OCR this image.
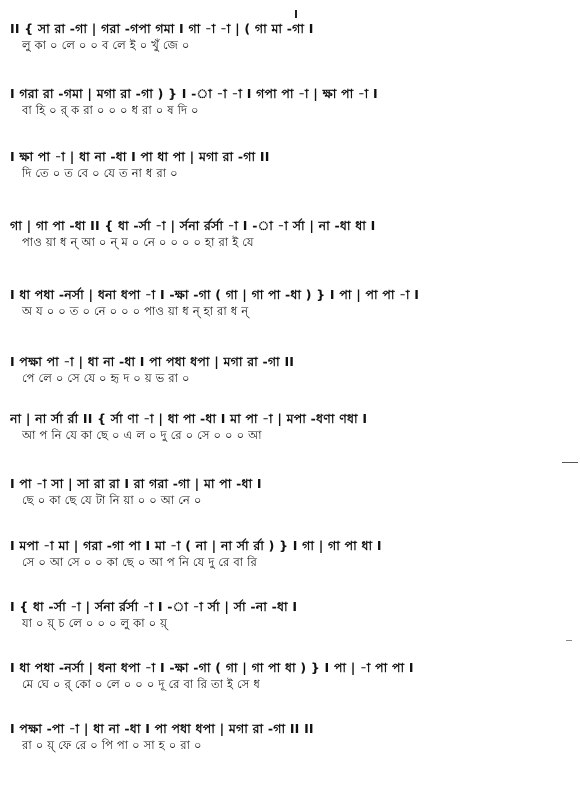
II { সা রা -গা | গরা -গপা গমা I গা -া -া | ( গা মা -গা I
লু কা ০ লে ০ ০ ব লে ই ০ খুঁ জে ০
I গরা রা -গমা | মগা রা -গা ) } I -া -া -া I গপা পা -া | ক্ষা পা -া I
বা হি ০ র্ ক রা ০ ০ ০ ধ রা ০ ষ দি ০
I ক্ষা পা -া | ধা না -ধা I পা ধা পা | মগা রা -গা II
দি তে ০ ত বে ০ যে ত না ধ রা ০
গা | গা পা -ধা II { ধা -র্সা -া | র্সনা র্রর্সা -া I -া -া র্সা | না -ধা ধা I
পাও য়া ধ ন্ আ ০ ন্ ম ০ নে ০ ০ ০ ০ হা রা ই যে
I ধা পধা -নর্সা | ধনা ধপা -া I -ক্ষা -গা ( গা | গা পা -ধা ) } I পা | পা পা -া I
অ য ০ ০ ত ০ নে ০ ০ ০ পাও য়া ধ ন্ হা রা ধ ন্
I পক্ষা পা -া | ধা না -ধা I পা পধা ধপা | মগা রা -গা II
পে লে ০ সে যে ০ হৃ দ ০ য় ভ রা ০
না | না র্সা র্রা II { র্সা ণা -া | ধা পা -ধা I মা পা -া | মপা -ধণা ণধা I
আ প নি যে কা ছে ০ এ ল ০ দু রে ০ সে ০ ০ ০ আ
I পা -া সা | সা রা রা I রা গরা -গা | মা পা -ধা I
ছে ০ কা ছে যে টা নি য়া ০ ০ আ নে ০
I মপা -া মা | গরা -গা পা I মা -া ( না | না র্সা র্রা ) } I গা | গা পা ধা I
সে ০ আ সে ০ ০ কা ছে ০ আ প নি যে দু রে বা রি
I { ধা -র্সা -া | র্সনা র্রর্সা -া I -া -া র্সা | র্সা -না -ধা I
যা ০ য়্ চ লে ০ ০ ০ লু কা ০ য়্
I ধা পধা -নর্সা | ধনা ধপা -া I -ক্ষা -গা ( গা | গা পা ধা ) } I পা | -া পা পা I
মে ঘে ০ র্ কো ০ লে ০ ০ ০ দূ রে বা রি তা ই সে ধ
I পক্ষা -পা -া | ধা না -ধা I পা পধা ধপা | মগা রা -গা II II
রা ০ য়্ ফে রে ০ পি পা ০ সা হ ০ রা ০
